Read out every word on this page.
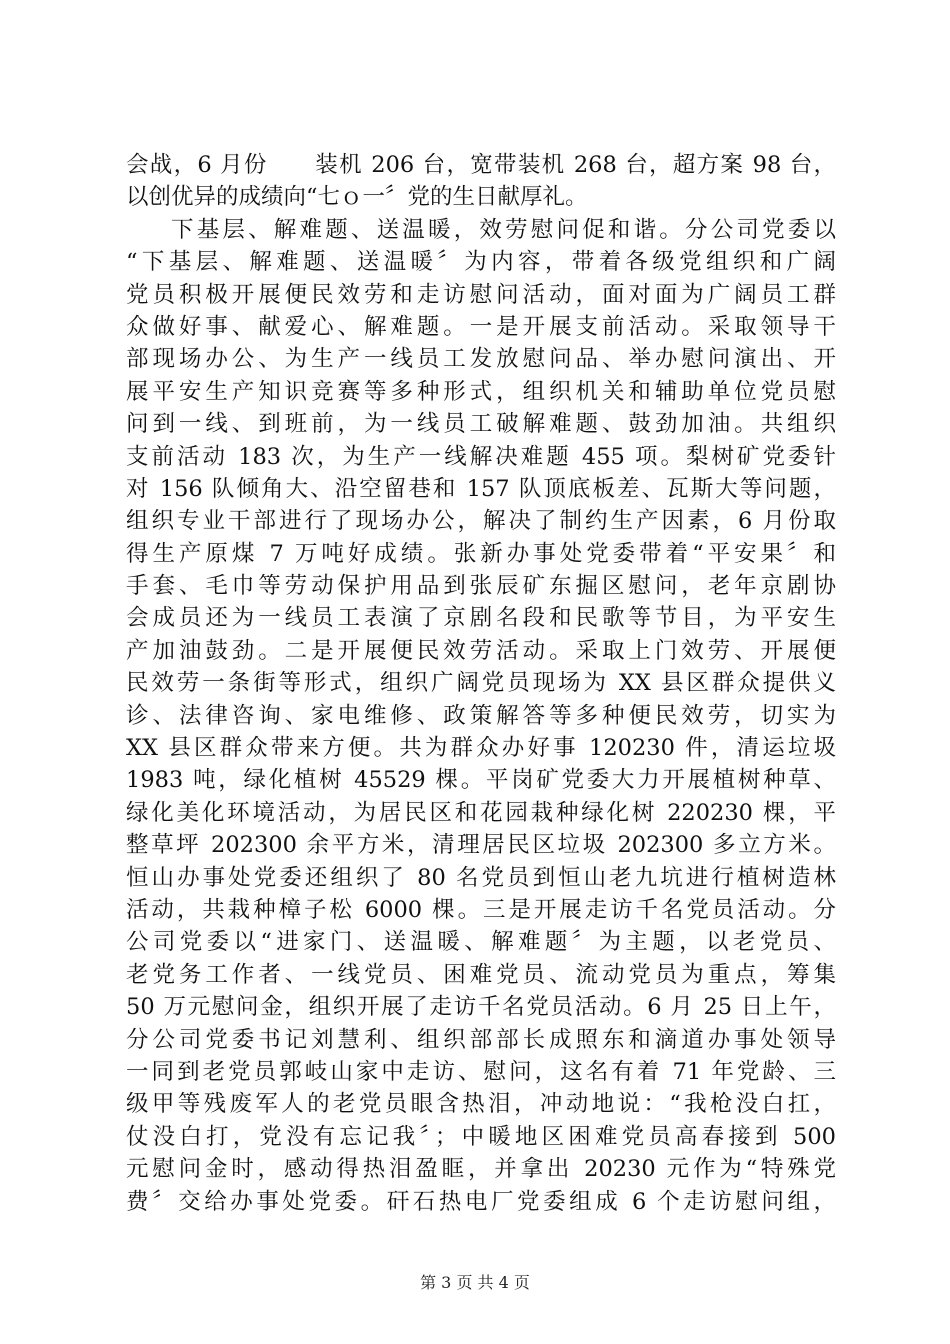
会战，6 月份　　装机 206 台，宽带装机 268 台，超方案 98 台，
以创优异的成绩向“七ｏ一〞党的生日献厚礼。
下基层、解难题、送温暖，效劳慰问促和谐。分公司党委以
“下基层、解难题、送温暖〞为内容，带着各级党组织和广阔
党员积极开展便民效劳和走访慰问活动，面对面为广阔员工群
众做好事、献爱心、解难题。一是开展支前活动。采取领导干
部现场办公、为生产一线员工发放慰问品、举办慰问演出、开
展平安生产知识竞赛等多种形式，组织机关和辅助单位党员慰
问到一线、到班前，为一线员工破解难题、鼓劲加油。共组织
支前活动 183 次，为生产一线解决难题 455 项。梨树矿党委针
对 156 队倾角大、沿空留巷和 157 队顶底板差、瓦斯大等问题，
组织专业干部进行了现场办公，解决了制约生产因素，6 月份取
得生产原煤 7 万吨好成绩。张新办事处党委带着“平安果〞和
手套、毛巾等劳动保护用品到张辰矿东掘区慰问，老年京剧协
会成员还为一线员工表演了京剧名段和民歌等节目，为平安生
产加油鼓劲。二是开展便民效劳活动。采取上门效劳、开展便
民效劳一条街等形式，组织广阔党员现场为 XX 县区群众提供义
诊、法律咨询、家电维修、政策解答等多种便民效劳，切实为
XX 县区群众带来方便。共为群众办好事 120230 件，清运垃圾
1983 吨，绿化植树 45529 棵。平岗矿党委大力开展植树种草、
绿化美化环境活动，为居民区和花园栽种绿化树 220230 棵，平
整草坪 202300 余平方米，清理居民区垃圾 202300 多立方米。
恒山办事处党委还组织了 80 名党员到恒山老九坑进行植树造林
活动，共栽种樟子松 6000 棵。三是开展走访千名党员活动。分
公司党委以“进家门、送温暖、解难题〞为主题，以老党员、
老党务工作者、一线党员、困难党员、流动党员为重点，筹集
50 万元慰问金，组织开展了走访千名党员活动。6 月 25 日上午，
分公司党委书记刘慧利、组织部部长成照东和滴道办事处领导
一同到老党员郭岐山家中走访、慰问，这名有着 71 年党龄、三
级甲等残废军人的老党员眼含热泪，冲动地说：“我枪没白扛，
仗没白打，党没有忘记我〞；中暖地区困难党员高春接到 500
元慰问金时，感动得热泪盈眶，并拿出 20230 元作为“特殊党
费〞交给办事处党委。矸石热电厂党委组成 6 个走访慰问组，
第 3 页 共 4 页
